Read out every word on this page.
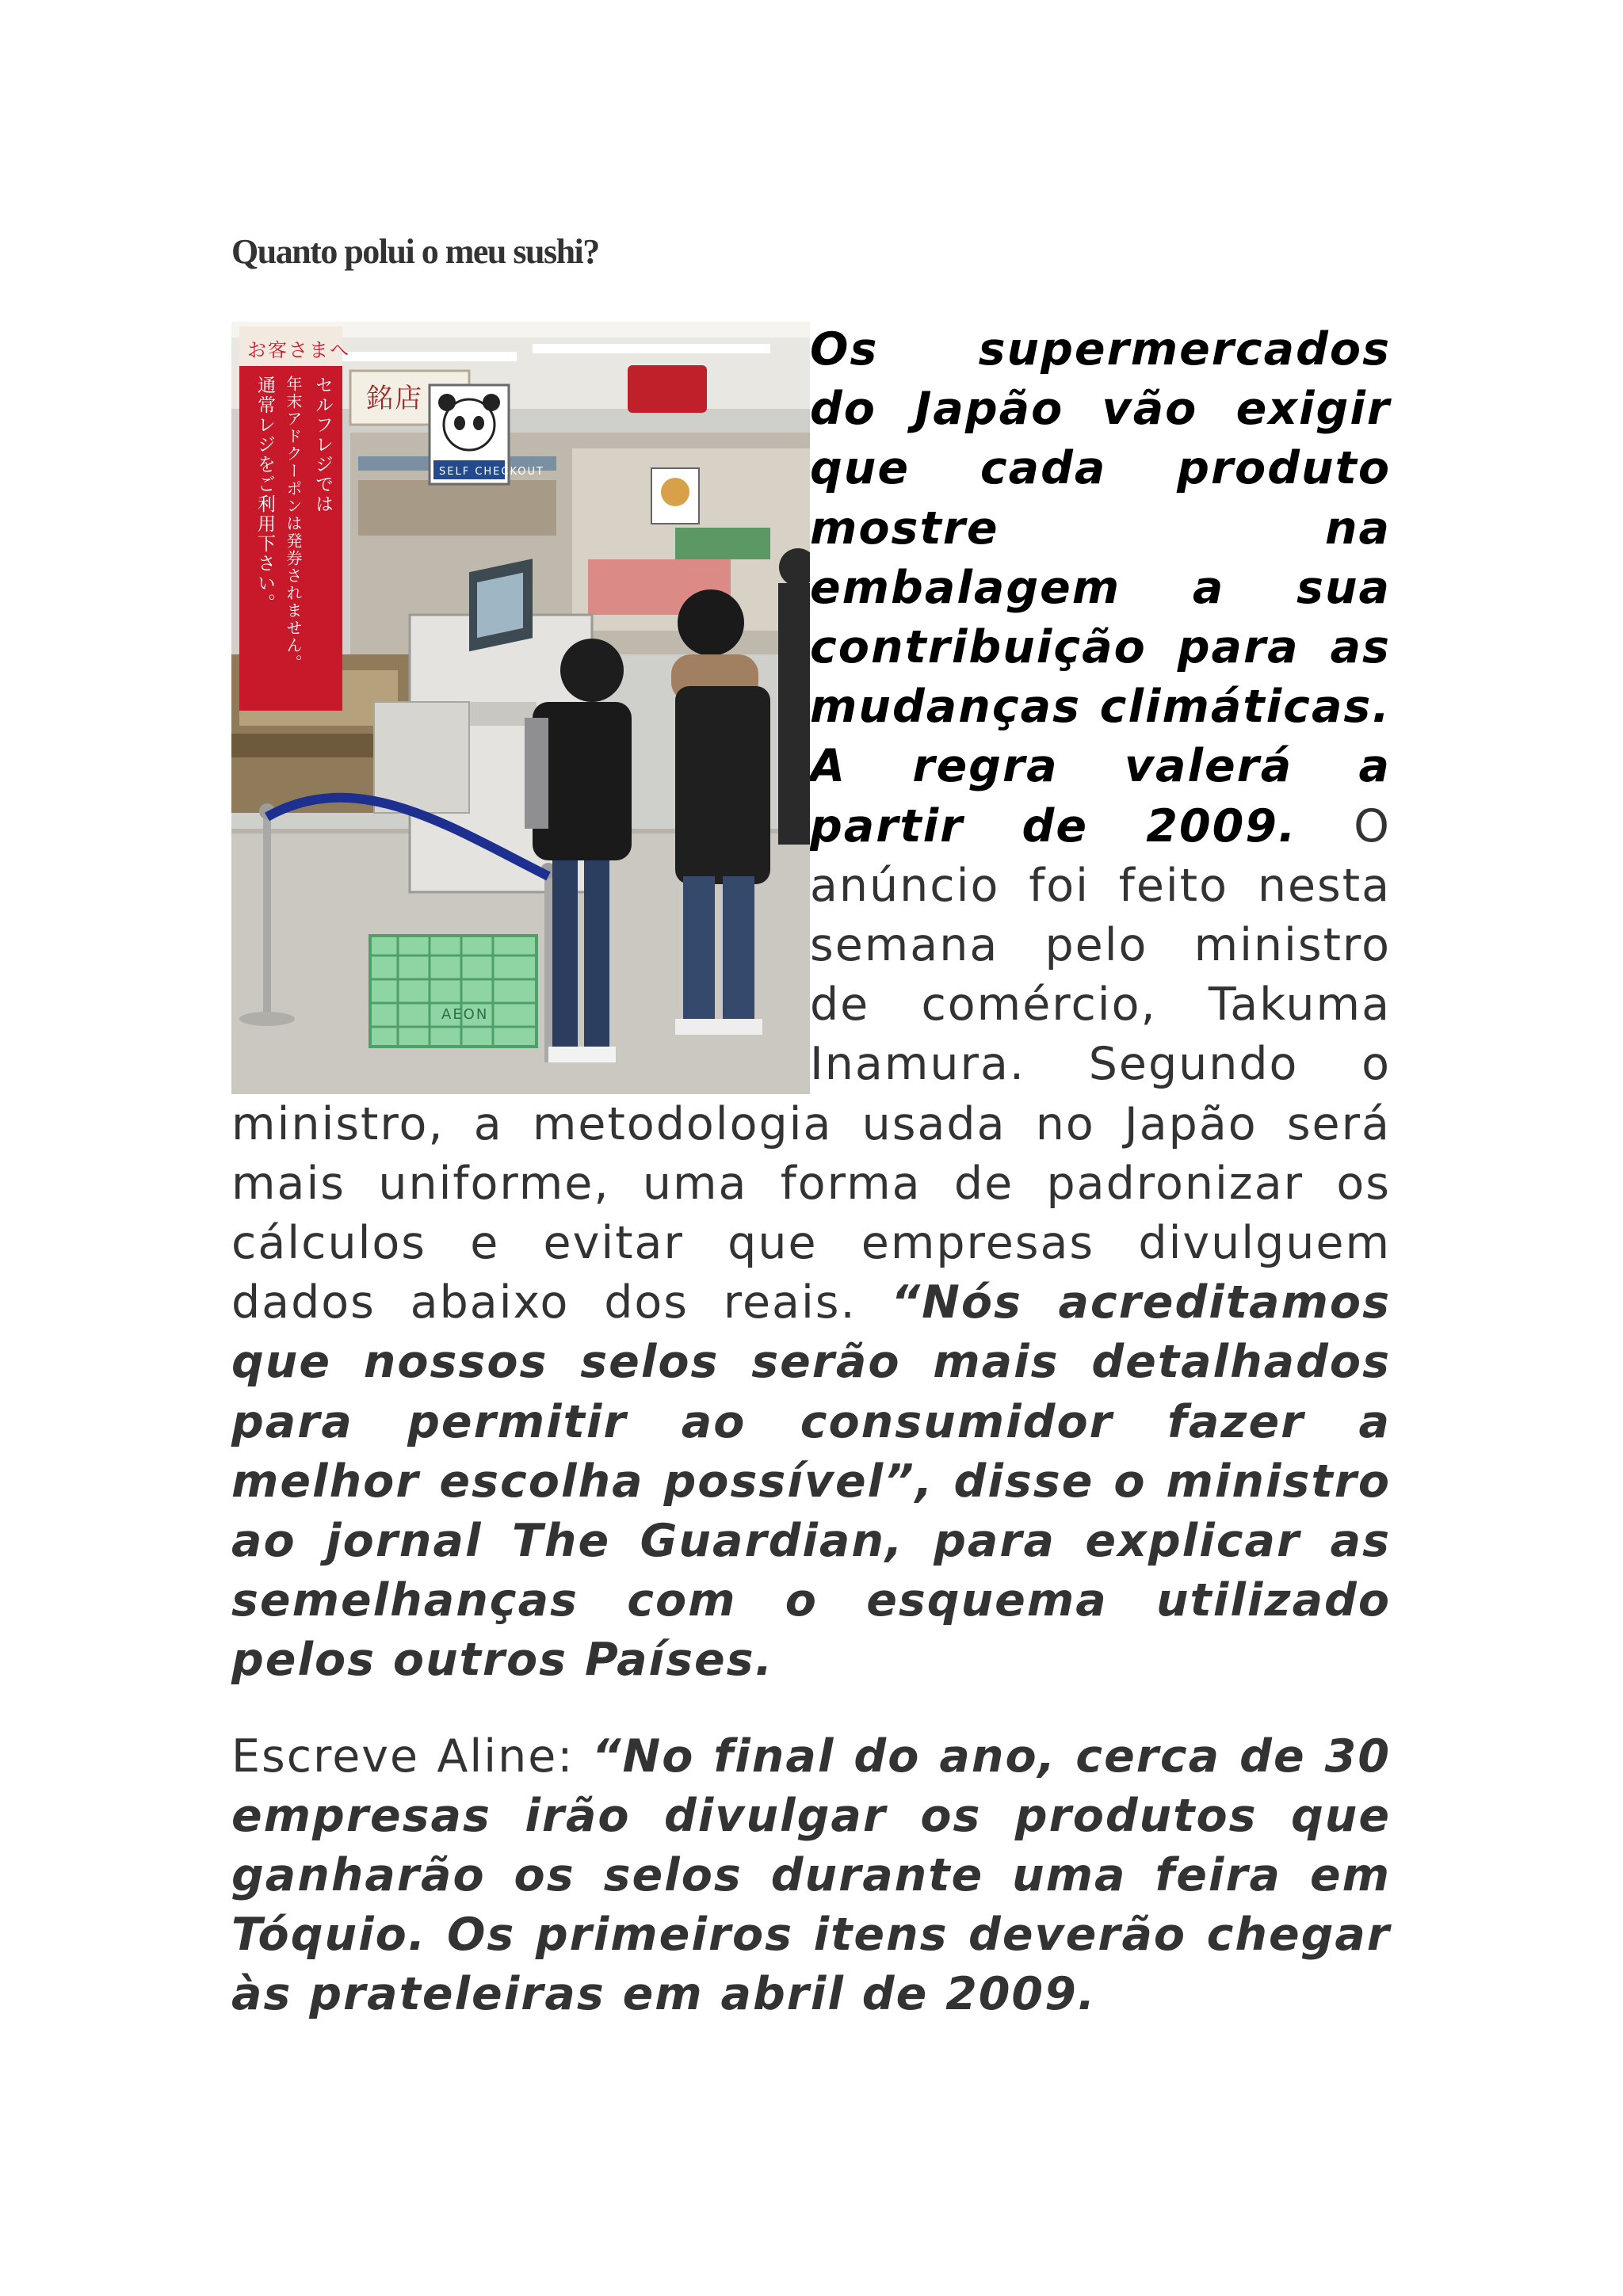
Quanto polui o meu sushi?
銘店
お客さまへ
セルフレジでは
年末アドクーポンは発券されません。
通常レジをご利用下さい。	SELF CHECKOUT
AEON

Os supermercados do Japão vão exigir que cada produto mostre na embalagem a sua contribuição para as mudanças climáticas. A regra valerá a partir de 2009. O anúncio foi feito nesta semana pelo ministro de comércio, Takuma Inamura. Segundo o ministro, a metodologia usada no Japão será mais uniforme, uma forma de padronizar os cálculos e evitar que empresas divulguem dados abaixo dos reais. “Nós acreditamos que nossos selos serão mais detalhados para permitir ao consumidor fazer a melhor escolha possível”, disse o ministro ao jornal The Guardian, para explicar as semelhanças com o esquema utilizado pelos outros Países.

Escreve Aline: “No final do ano, cerca de 30 empresas irão divulgar os produtos que ganharão os selos durante uma feira em Tóquio. Os primeiros itens deverão chegar às prateleiras em abril de 2009.
